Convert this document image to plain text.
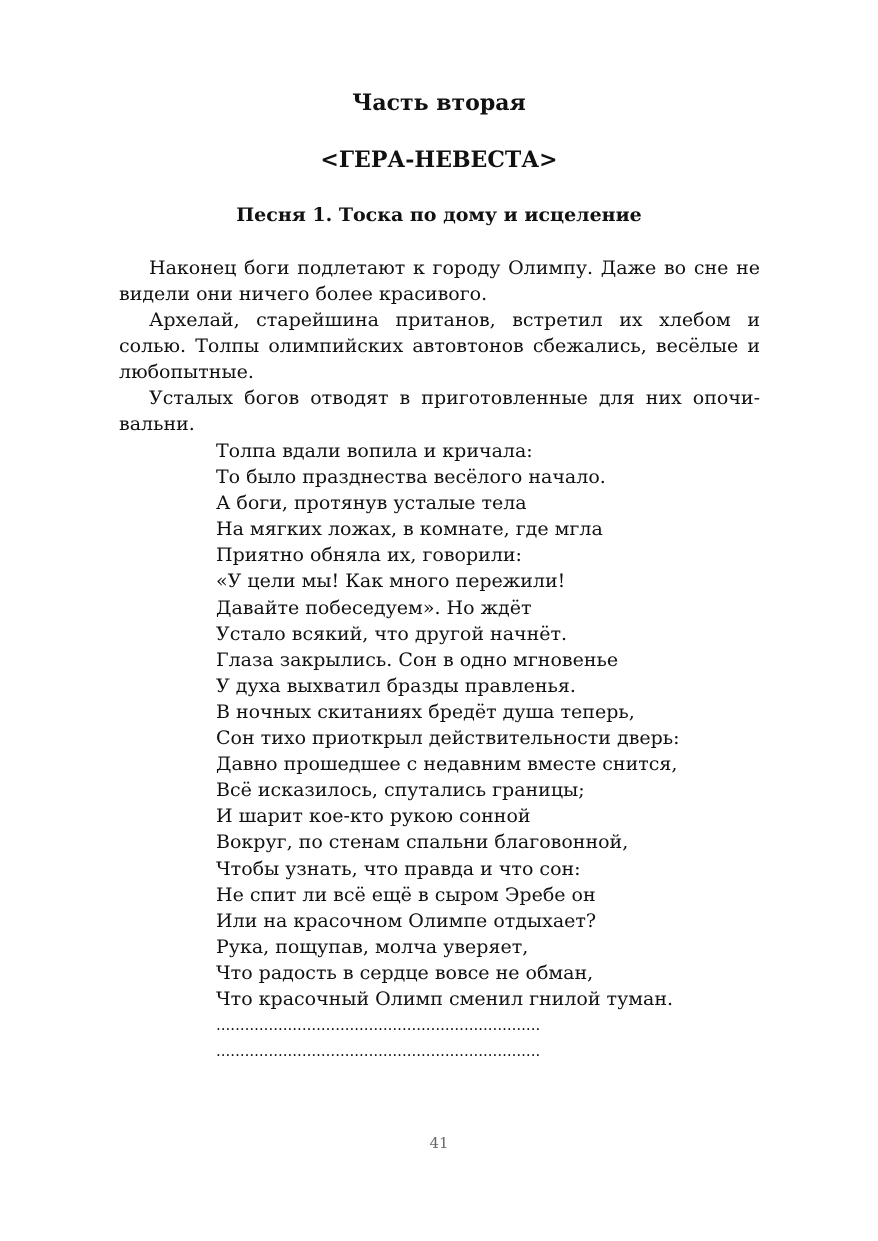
Часть вторая
<ГЕРА-НЕВЕСТА>
Песня 1. Тоска по дому и исцеление

Наконец боги подлетают к городу Олимпу. Даже во сне не видели они ничего более красивого.

Архелай, старейшина пританов, встретил их хлебом и солью. Толпы олимпийских автовтонов сбежались, весёлые и любопытные.

Усталых богов отводят в приготовленные для них опочивальни.

Толпа вдали вопила и кричала:
То было празднества весёлого начало.
А боги, протянув усталые тела
На мягких ложах, в комнате, где мгла
Приятно обняла их, говорили:
«У цели мы! Как много пережили!
Давайте побеседуем». Но ждёт
Устало всякий, что другой начнёт.
Глаза закрылись. Сон в одно мгновенье
У духа выхватил бразды правленья.
В ночных скитаниях бредёт душа теперь,
Сон тихо приоткрыл действительности дверь:
Давно прошедшее с недавним вместе снится,
Всё исказилось, спутались границы;
И шарит кое-кто рукою сонной
Вокруг, по стенам спальни благовонной,
Чтобы узнать, что правда и что сон:
Не спит ли всё ещё в сыром Эребе он
Или на красочном Олимпе отдыхает?
Рука, пощупав, молча уверяет,
Что радость в сердце вовсе не обман,
Что красочный Олимп сменил гнилой туман.
....................................................................
....................................................................
41
